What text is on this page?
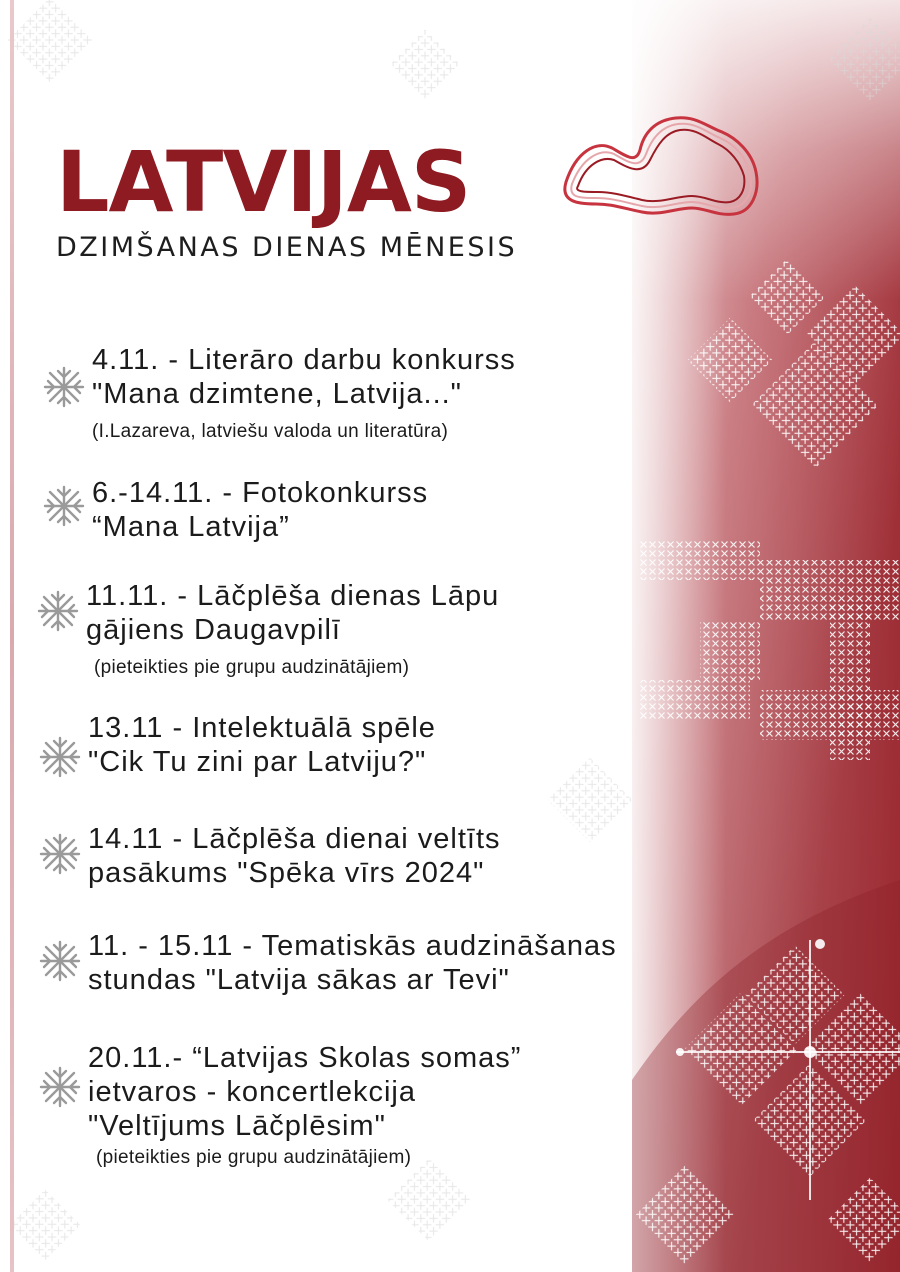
LATVIJAS

DZIMŠANAS DIENAS MĒNESIS

4.11. - Literāro darbu konkurss

"Mana dzimtene, Latvija..."

(I.Lazareva, latviešu valoda un literatūra)

6.-14.11. - Fotokonkurss

“Mana Latvija”

11.11. - Lāčplēša dienas Lāpu

gājiens Daugavpilī

(pieteikties pie grupu audzinātājiem)

13.11 - Intelektuālā spēle

"Cik Tu zini par Latviju?"

14.11 - Lāčplēša dienai veltīts

pasākums "Spēka vīrs 2024"

11. - 15.11 - Tematiskās audzināšanas

stundas "Latvija sākas ar Tevi"

20.11.- “Latvijas Skolas somas”

ietvaros - koncertlekcija

"Veltījums Lāčplēsim"

(pieteikties pie grupu audzinātājiem)
